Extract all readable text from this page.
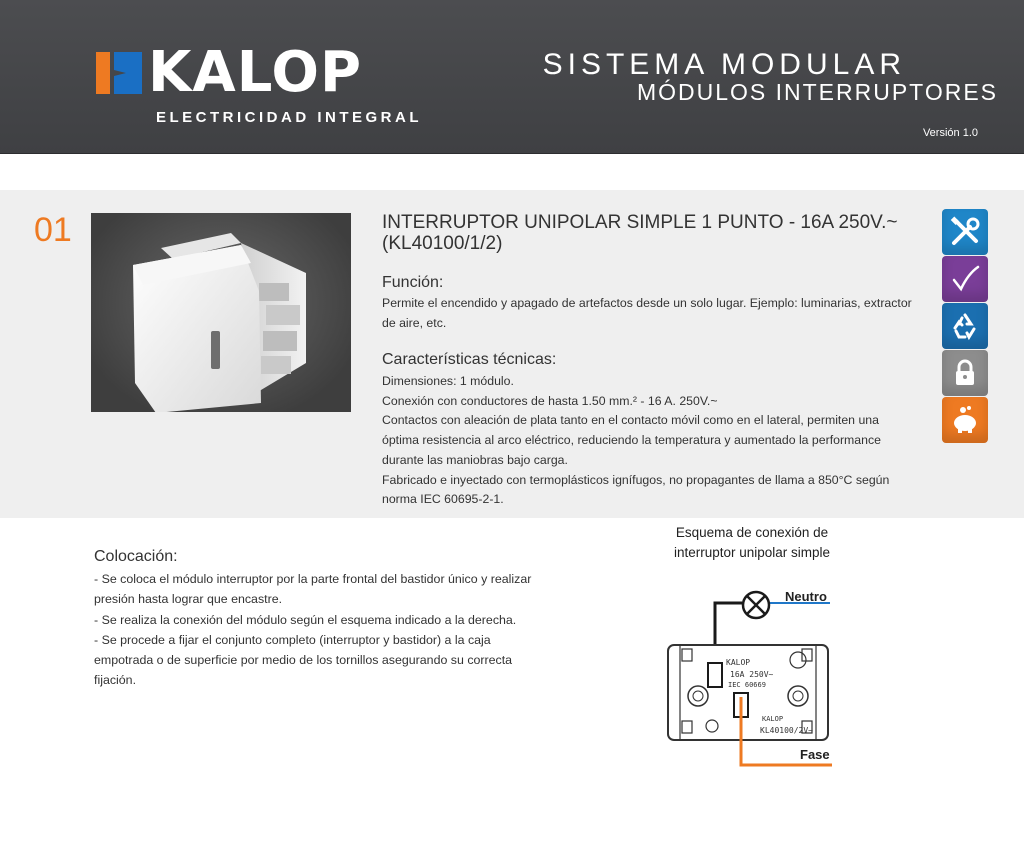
KALOP
ELECTRICIDAD INTEGRAL
SISTEMA MODULAR
MÓDULOS INTERRUPTORES
Versión 1.0
01	INTERRUPTOR UNIPOLAR SIMPLE 1 PUNTO - 16A 250V.~
(KL40100/1/2)
Función:
Permite el encendido y apagado de artefactos desde un solo lugar. Ejemplo: luminarias, extractor de aire, etc.
Características técnicas:
Dimensiones: 1 módulo.
Conexión con conductores de hasta 1.50 mm.² - 16 A. 250V.~
Contactos con aleación de plata tanto en el contacto móvil como en el lateral, permiten una óptima resistencia al arco eléctrico, reduciendo la temperatura y aumentado la performance durante las maniobras bajo carga.
Fabricado e inyectado con termoplásticos ignífugos, no propagantes de llama a 850°C según norma IEC 60695-2-1.
Colocación:
- Se coloca el módulo interruptor por la parte frontal del bastidor único y realizar presión hasta lograr que encastre.
- Se realiza la conexión del módulo según el esquema indicado a la derecha.
- Se procede a fijar el conjunto completo (interruptor y bastidor) a la caja empotrada o de superficie por medio de los tornillos asegurando su correcta fijación.
Esquema de conexión de
interruptor unipolar simple
KALOP
16A 250V~
IEC 60669
KALOP
KL40100/2V~
Neutro
Fase
